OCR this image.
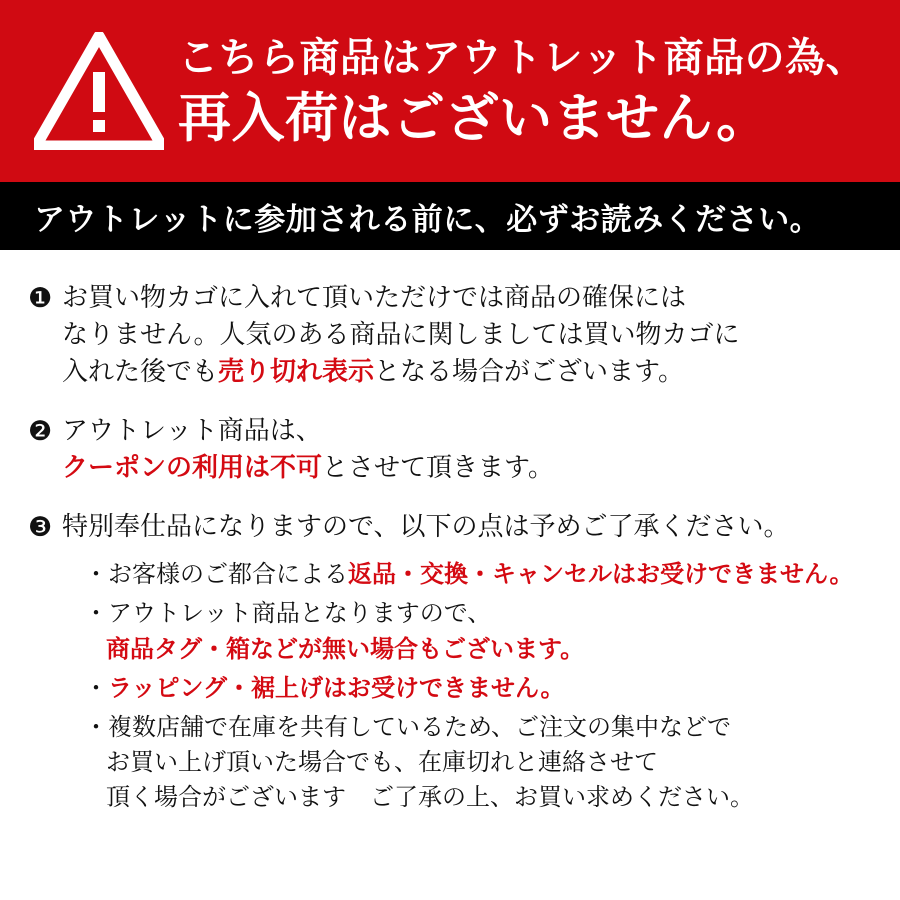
こちら商品はアウトレット商品の為、
再入荷はございません。
アウトレットに参加される前に、必ずお読みください。
❶ お買い物カゴに入れて頂いただけでは商品の確保には
なりません。人気のある商品に関しましては買い物カゴに
入れた後でも売り切れ表示となる場合がございます。
❷ アウトレット商品は、
クーポンの利用は不可とさせて頂きます。
❸ 特別奉仕品になりますので、以下の点は予めご了承ください。
・お客様のご都合による返品・交換・キャンセルはお受けできません。
・アウトレット商品となりますので、
商品タグ・箱などが無い場合もございます。
・ラッピング・裾上げはお受けできません。
・複数店舗で在庫を共有しているため、ご注文の集中などで
お買い上げ頂いた場合でも、在庫切れと連絡させて
頂く場合がございます　ご了承の上、お買い求めください。
